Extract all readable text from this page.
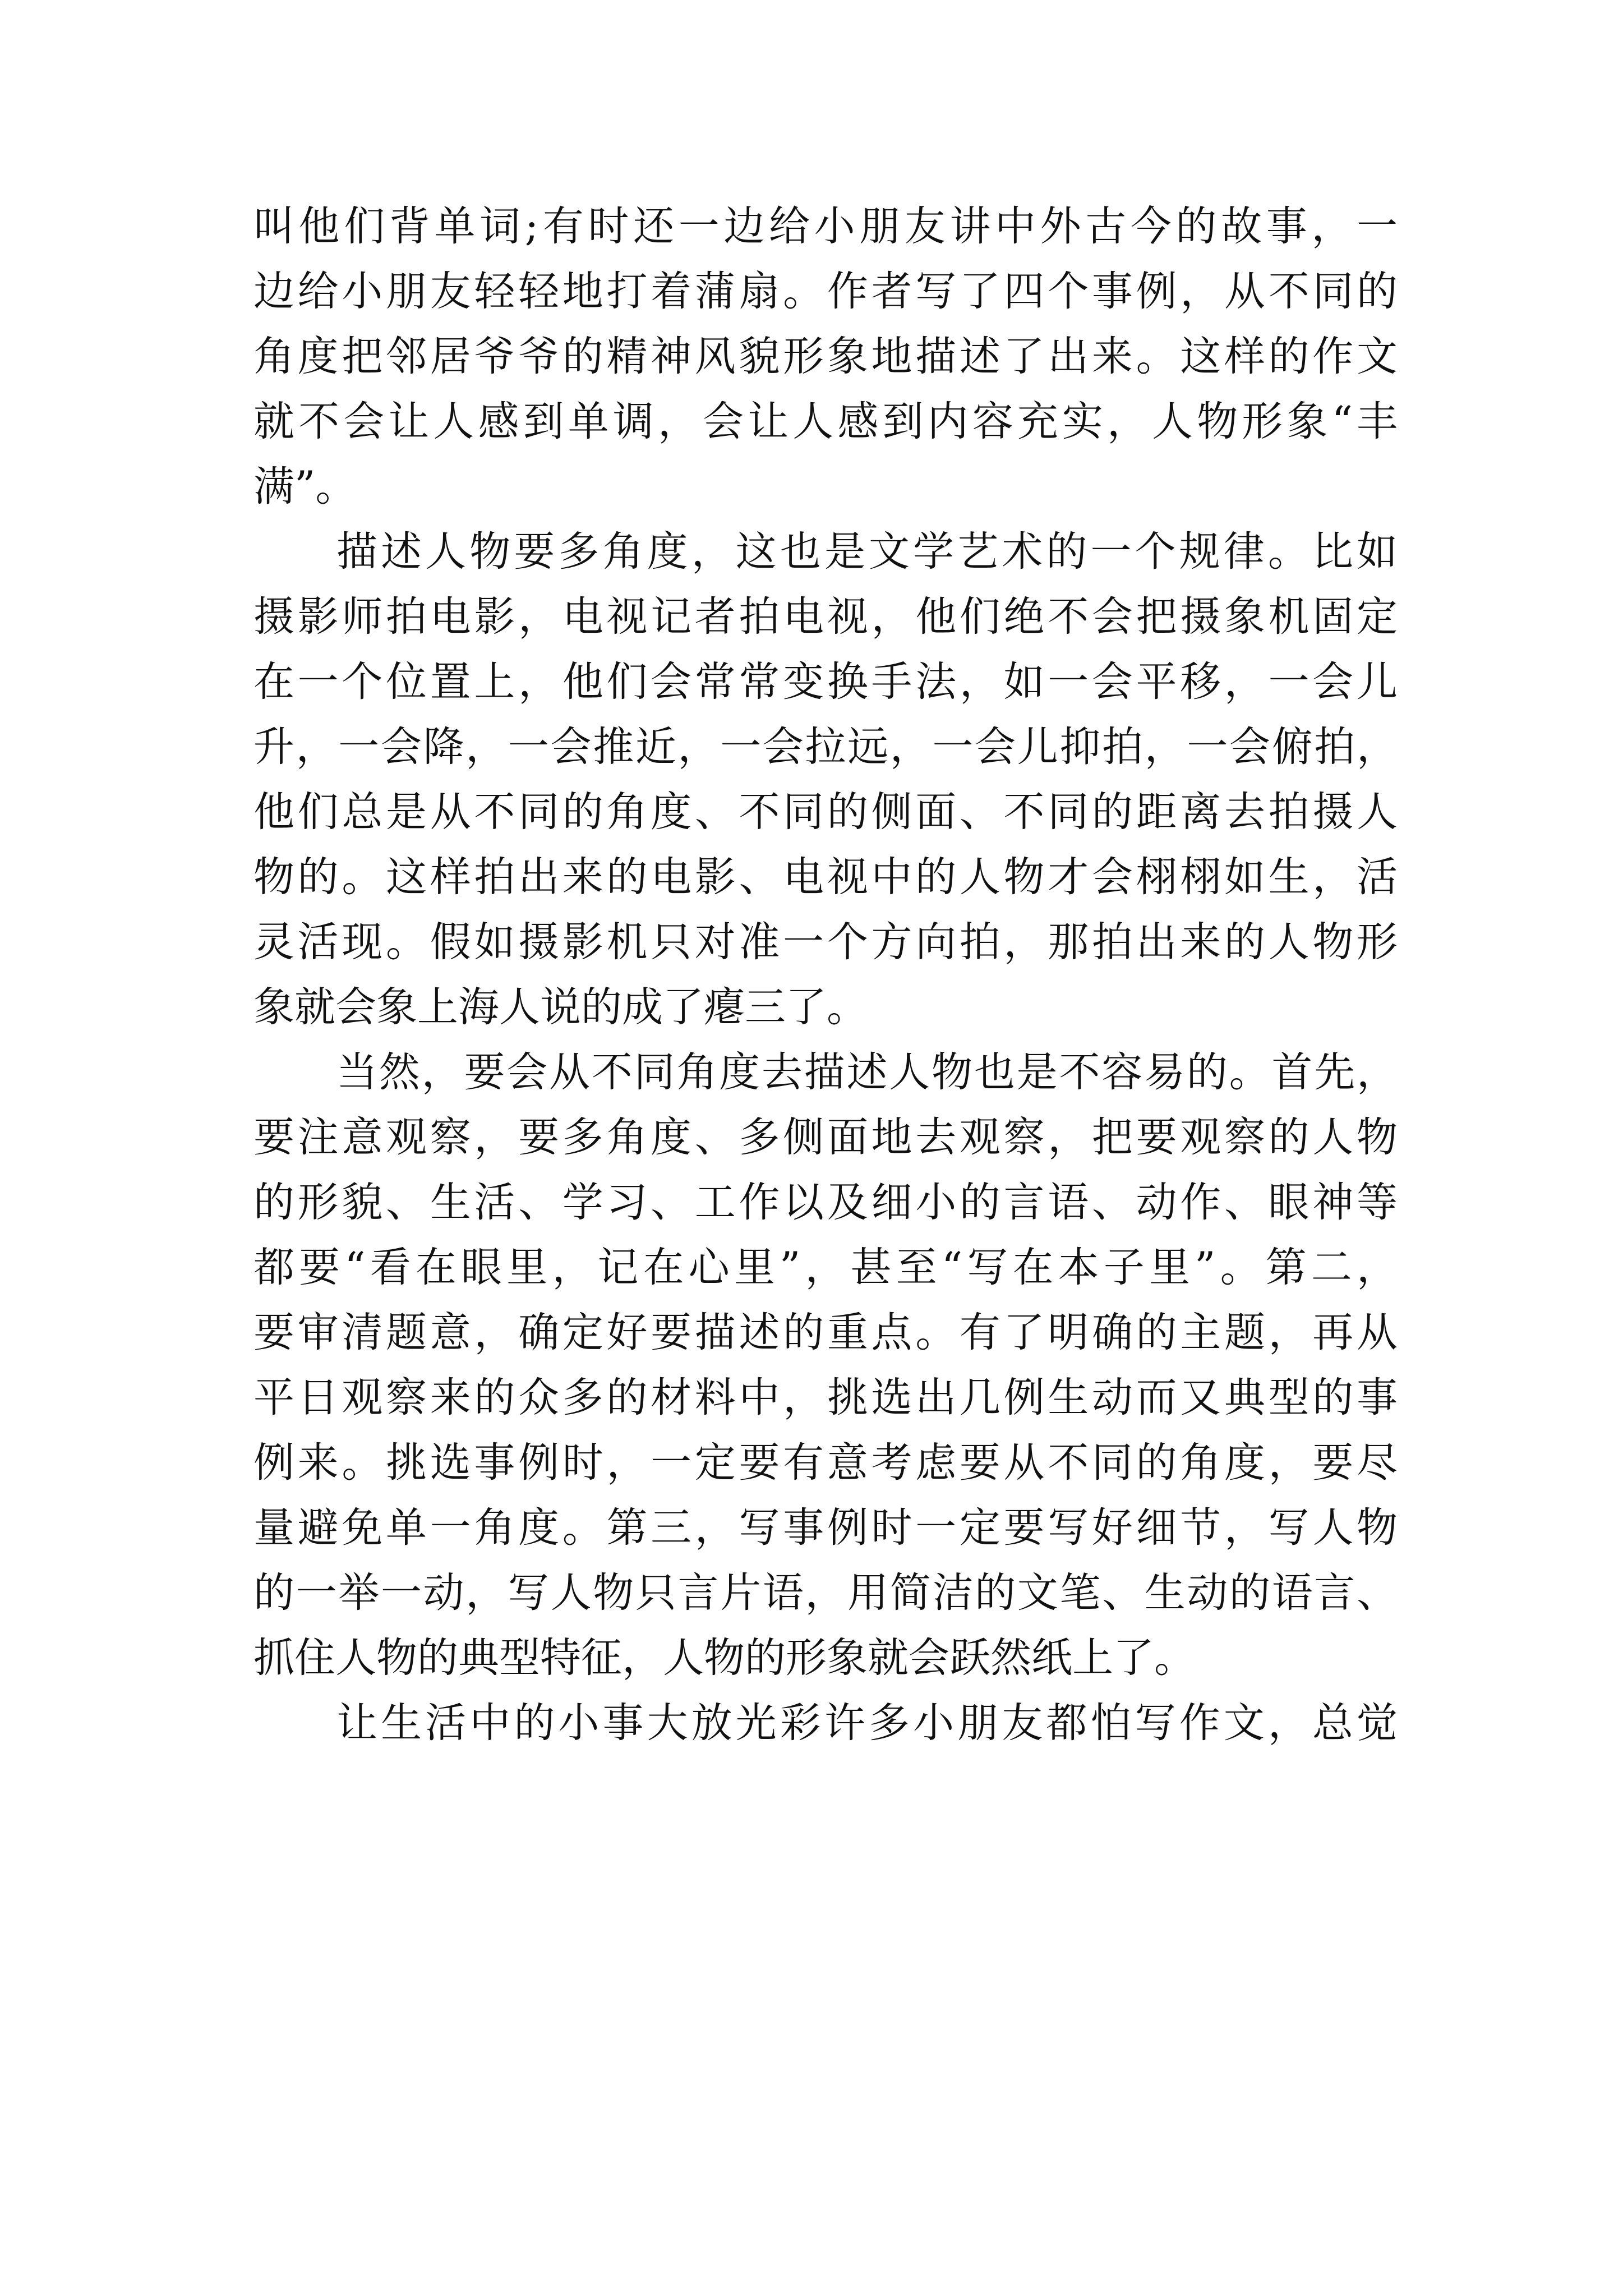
叫他们背单词;有时还一边给小朋友讲中外古今的故事，一
边给小朋友轻轻地打着蒲扇。作者写了四个事例，从不同的
角度把邻居爷爷的精神风貌形象地描述了出来。这样的作文
就不会让人感到单调，会让人感到内容充实，人物形象“丰
满”。
描述人物要多角度，这也是文学艺术的一个规律。比如
摄影师拍电影，电视记者拍电视，他们绝不会把摄象机固定
在一个位置上，他们会常常变换手法，如一会平移，一会儿
升，一会降，一会推近，一会拉远，一会儿抑拍，一会俯拍，
他们总是从不同的角度、不同的侧面、不同的距离去拍摄人
物的。这样拍出来的电影、电视中的人物才会栩栩如生，活
灵活现。假如摄影机只对准一个方向拍，那拍出来的人物形
象就会象上海人说的成了瘪三了。
当然，要会从不同角度去描述人物也是不容易的。首先，
要注意观察，要多角度、多侧面地去观察，把要观察的人物
的形貌、生活、学习、工作以及细小的言语、动作、眼神等
都要“看在眼里，记在心里”，甚至“写在本子里”。第二，
要审清题意，确定好要描述的重点。有了明确的主题，再从
平日观察来的众多的材料中，挑选出几例生动而又典型的事
例来。挑选事例时，一定要有意考虑要从不同的角度，要尽
量避免单一角度。第三，写事例时一定要写好细节，写人物
的一举一动，写人物只言片语，用简洁的文笔、生动的语言、
抓住人物的典型特征，人物的形象就会跃然纸上了。
让生活中的小事大放光彩许多小朋友都怕写作文，总觉
